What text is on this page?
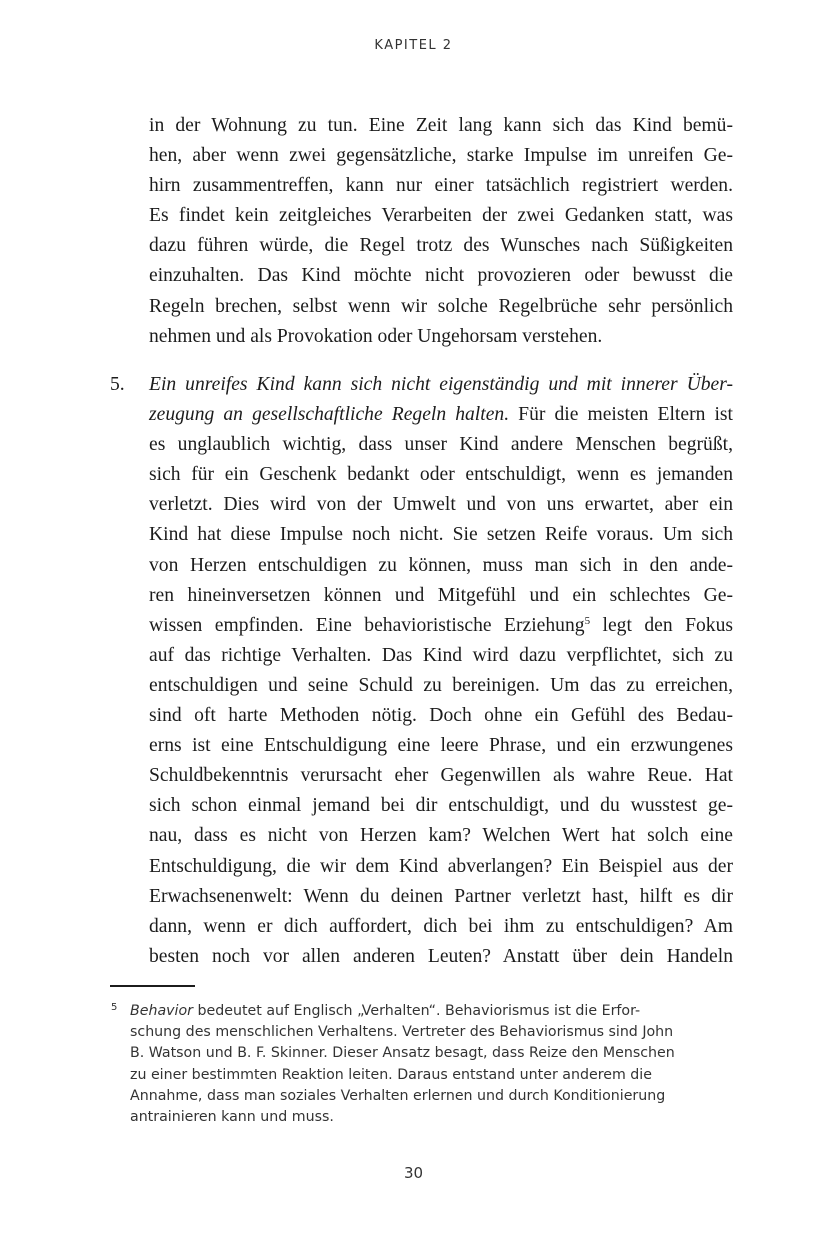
KAPITEL 2
in der Wohnung zu tun. Eine Zeit lang kann sich das Kind bemü-
hen, aber wenn zwei gegensätzliche, starke Impulse im unreifen Ge-
hirn zusammentreffen, kann nur einer tatsächlich registriert werden.
Es findet kein zeitgleiches Verarbeiten der zwei Gedanken statt, was
dazu führen würde, die Regel trotz des Wunsches nach Süßigkeiten
einzuhalten. Das Kind möchte nicht provozieren oder bewusst die
Regeln brechen, selbst wenn wir solche Regelbrüche sehr persönlich
nehmen und als Provokation oder Ungehorsam verstehen.
5. Ein unreifes Kind kann sich nicht eigenständig und mit innerer Über-
zeugung an gesellschaftliche Regeln halten. Für die meisten Eltern ist
es unglaublich wichtig, dass unser Kind andere Menschen begrüßt,
sich für ein Geschenk bedankt oder entschuldigt, wenn es jemanden
verletzt. Dies wird von der Umwelt und von uns erwartet, aber ein
Kind hat diese Impulse noch nicht. Sie setzen Reife voraus. Um sich
von Herzen entschuldigen zu können, muss man sich in den ande-
ren hineinversetzen können und Mitgefühl und ein schlechtes Ge-
wissen empfinden. Eine behavioristische Erziehung$^5$ legt den Fokus
auf das richtige Verhalten. Das Kind wird dazu verpflichtet, sich zu
entschuldigen und seine Schuld zu bereinigen. Um das zu erreichen,
sind oft harte Methoden nötig. Doch ohne ein Gefühl des Bedau-
erns ist eine Entschuldigung eine leere Phrase, und ein erzwungenes
Schuldbekenntnis verursacht eher Gegenwillen als wahre Reue. Hat
sich schon einmal jemand bei dir entschuldigt, und du wusstest ge-
nau, dass es nicht von Herzen kam? Welchen Wert hat solch eine
Entschuldigung, die wir dem Kind abverlangen? Ein Beispiel aus der
Erwachsenenwelt: Wenn du deinen Partner verletzt hast, hilft es dir
dann, wenn er dich auffordert, dich bei ihm zu entschuldigen? Am
besten noch vor allen anderen Leuten? Anstatt über dein Handeln
5 Behavior bedeutet auf Englisch „Verhalten“. Behaviorismus ist die Erfor-
schung des menschlichen Verhaltens. Vertreter des Behaviorismus sind John
B. Watson und B. F. Skinner. Dieser Ansatz besagt, dass Reize den Menschen
zu einer bestimmten Reaktion leiten. Daraus entstand unter anderem die
Annahme, dass man soziales Verhalten erlernen und durch Konditionierung
antrainieren kann und muss.
30
